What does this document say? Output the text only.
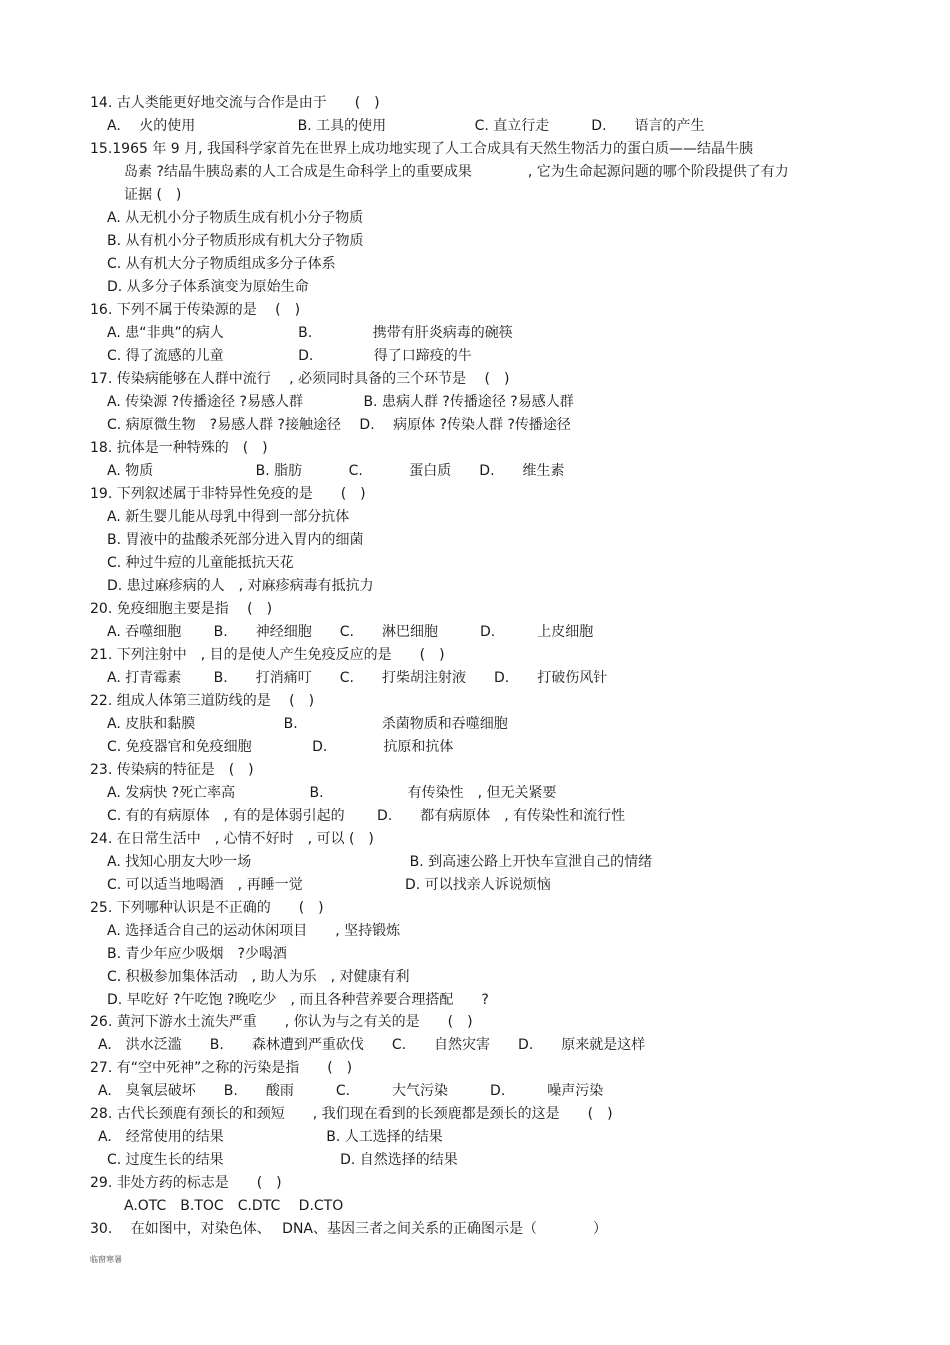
14. 古人类能更好地交流与合作是由于　　(　)
A.　 火的使用　　　　　　　 B. 工具的使用　　　　　　 C. 直立行走　　　D.　　语言的产生
15.1965 年 9 月, 我国科学家首先在世界上成功地实现了人工合成具有天然生物活力的蛋白质——结晶牛胰
岛素 ?结晶牛胰岛素的人工合成是生命科学上的重要成果　　　　, 它为生命起源问题的哪个阶段提供了有力
证据 (　)
A. 从无机小分子物质生成有机小分子物质
B. 从有机小分子物质形成有机大分子物质
C. 从有机大分子物质组成多分子体系
D. 从多分子体系演变为原始生命
16. 下列不属于传染源的是　 (　)
A. 患“非典”的病人　　　　　 B.　　　　 携带有肝炎病毒的碗筷
C. 得了流感的儿童　　　　　 D.　　　　 得了口蹄疫的牛
17. 传染病能够在人群中流行　 , 必须同时具备的三个环节是　 (　)
A. 传染源 ?传播途径 ?易感人群　　　　 B. 患病人群 ?传播途径 ?易感人群
C. 病原微生物　?易感人群 ?接触途径　 D.　 病原体 ?传染人群 ?传播途径
18. 抗体是一种特殊的　(　)
A. 物质　　　　　　　 B. 脂肪　　　 C.　　　 蛋白质　　D.　　维生素
19. 下列叙述属于非特异性免疫的是　　(　)
A. 新生婴儿能从母乳中得到一部分抗体
B. 胃液中的盐酸杀死部分进入胃内的细菌
C. 种过牛痘的儿童能抵抗天花
D. 患过麻疹病的人　, 对麻疹病毒有抵抗力
20. 免疫细胞主要是指　 (　)
A. 吞噬细胞　　 B.　　神经细胞　　C.　　淋巴细胞　　　D.　　　上皮细胞
21. 下列注射中　, 目的是使人产生免疫反应的是　　(　)
A. 打青霉素　　 B.　　打消痛叮　　C.　　打柴胡注射液　　D.　　打破伤风针
22. 组成人体第三道防线的是　 (　)
A. 皮肤和黏膜　　　　　　 B.　　　　　　杀菌物质和吞噬细胞
C. 免疫器官和免疫细胞　　　　 D.　　　　抗原和抗体
23. 传染病的特征是　(　)
A. 发病快 ?死亡率高　　　　　 B.　　　　　　有传染性　, 但无关紧要
C. 有的有病原体　, 有的是体弱引起的　　 D.　　都有病原体　, 有传染性和流行性
24. 在日常生活中　, 心情不好时　, 可以 (　)
A. 找知心朋友大吵一场　　　　　　　　　　　 B. 到高速公路上开快车宣泄自己的情绪
C. 可以适当地喝酒　, 再睡一觉　　　　　　　 D. 可以找亲人诉说烦恼
25. 下列哪种认识是不正确的　　(　)
A. 选择适合自己的运动休闲项目　　, 坚持锻炼
B. 青少年应少吸烟　?少喝酒
C. 积极参加集体活动　, 助人为乐　, 对健康有利
D. 早吃好 ?午吃饱 ?晚吃少　, 而且各种营养要合理搭配　　?
26. 黄河下游水土流失严重　　, 你认为与之有关的是　　(　)
A.　洪水泛滥　　B.　　森林遭到严重砍伐　　C.　　自然灾害　　D.　　原来就是这样
27. 有“空中死神”之称的污染是指　　(　)
A.　臭氧层破坏　　B.　　酸雨　　　C.　　　大气污染　　　D.　　　噪声污染
28. 古代长颈鹿有颈长的和颈短　　, 我们现在看到的长颈鹿都是颈长的这是　　(　)
A.　经常使用的结果　　　　　　　 B. 人工选择的结果
C. 过度生长的结果　　　　　　　　 D. 自然选择的结果
29. 非处方药的标志是　　(　)
A.OTC　B.TOC　C.DTC　 D.CTO
30.　 在如图中，对染色体、　 DNA、基因三者之间关系的正确图示是（　　　　）
临窗寒暑
